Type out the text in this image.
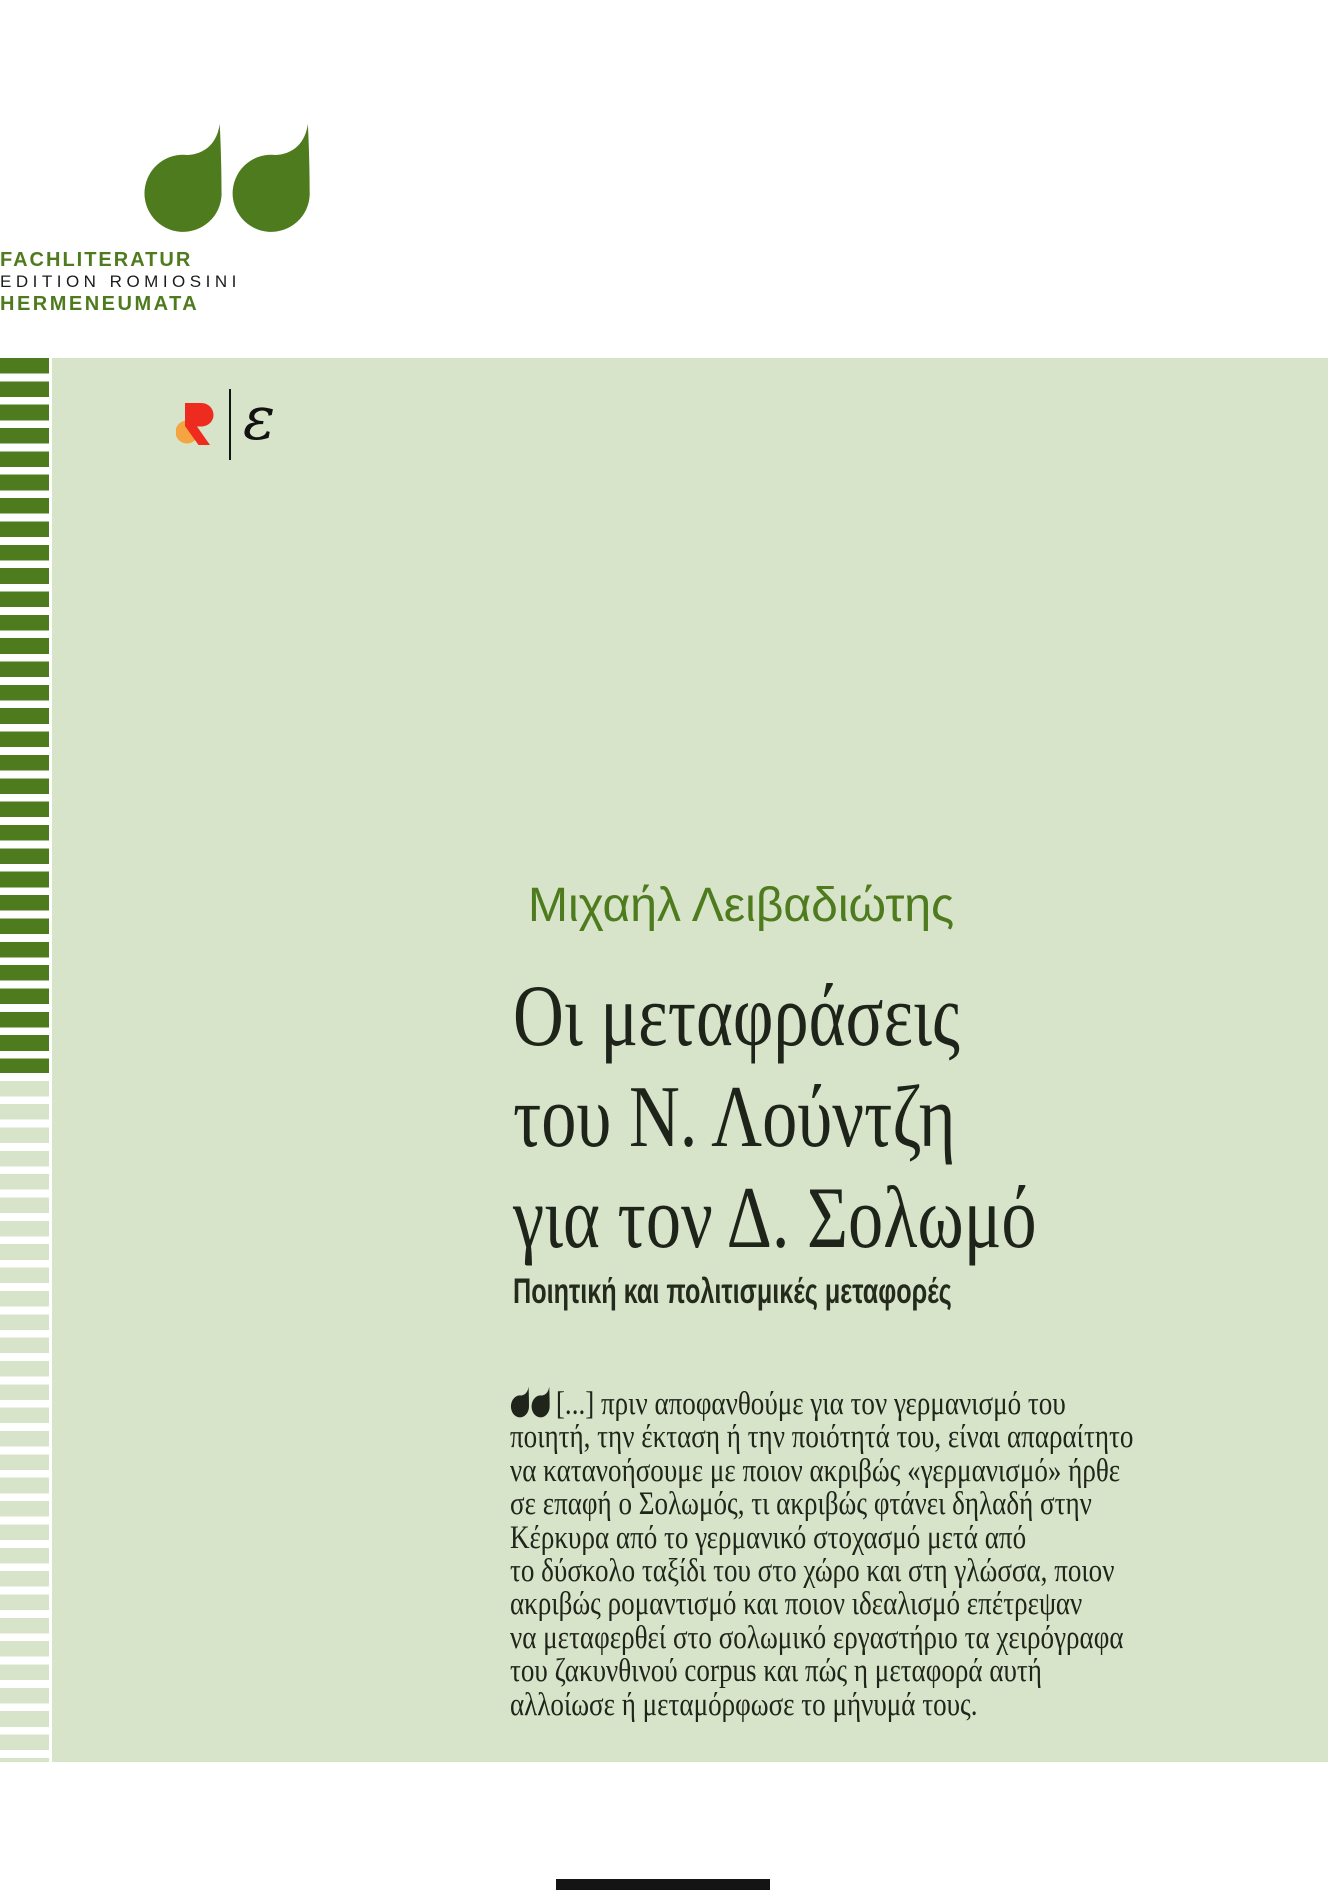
FACHLITERATUR
EDITION ROMIOSINI
HERMENEUMATA
ε
Μιχαήλ Λειβαδιώτης
Οι μεταφράσεις
του Ν. Λούντζη
για τον Δ. Σολωμό
Ποιητική και πολιτισμικές μεταφορές
[...] πριν αποφανθούμε για τον γερμανισμό του
ποιητή, την έκταση ή την ποιότητά του, είναι απαραίτητο
να κατανοήσουμε με ποιον ακριβώς «γερμανισμό» ήρθε
σε επαφή ο Σολωμός, τι ακριβώς φτάνει δηλαδή στην
Κέρκυρα από το γερμανικό στοχασμό μετά από
το δύσκολο ταξίδι του στο χώρο και στη γλώσσα, ποιον
ακριβώς ρομαντισμό και ποιον ιδεαλισμό επέτρεψαν
να μεταφερθεί στο σολωμικό εργαστήριο τα χειρόγραφα
του ζακυνθινού corpus και πώς η μεταφορά αυτή
αλλοίωσε ή μεταμόρφωσε το μήνυμά τους.
